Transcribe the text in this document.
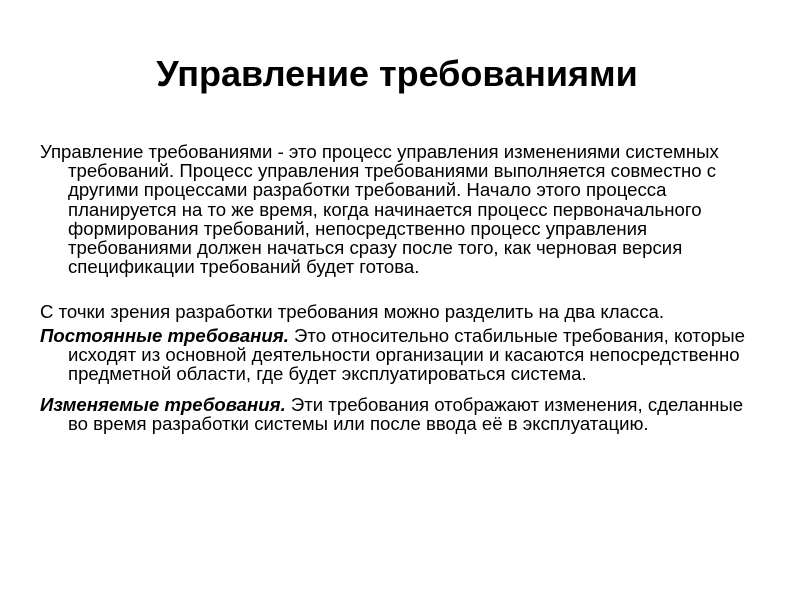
Управление требованиями

Управление требованиями - это процесс управления изменениями системных требований. Процесс управления требованиями выполняется совместно с другими процессами разработки требований. Начало этого процесса планируется на то же время, когда начинается процесс первоначального формирования требований, непосредственно процесс управления требованиями должен начаться сразу после того, как черновая версия спецификации требований будет готова.

С точки зрения разработки требования можно разделить на два класса.

Постоянные требования. Это относительно стабильные требования, которые исходят из основной деятельности организации и касаются непосредственно предметной области, где будет эксплуатироваться система.

Изменяемые требования. Эти требования отображают изменения, сделанные во время разработки системы или после ввода её в эксплуатацию.
